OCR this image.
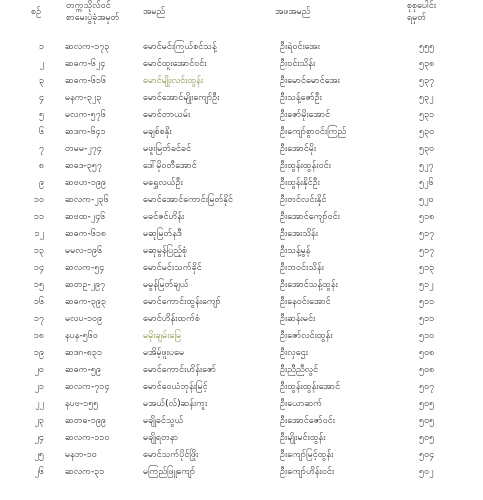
စဉ်
တက္ကသိုလ်ဝင်
စာမေးပွဲခုံအမှတ်
အမည်	အဖအမည်
စုစုပေါင်း
ရမှတ်
၁ ဆလက-၁၇၃	မောင်မင်းကြယ်စင်သန့်	ဦးရဲဝင်းအေး	၅၅၅
၂ ဆဓက-၆၂၄	မောင်ထူးအောင်ဝင်း	ဦးဝင်းသိန်း	၅၃၈
၃ ဆဓက-၆၁၆	မောင်မျိုးလင်းထွန်း	ဦးမောင်မောင်အေး	၅၃၇
၄ မနက-၃၂၃	မောင်အောင်မျိုးကျော်ဦး	ဦးသန့်ဇော်ဦး	၅၃၂
၅ မလက-၅၇၆	မောင်တာယမ်း	ဦးဇော်မိုးအောင်	၅၃၁
၆ ဆဒက-၆၄၁	မချစ်စနိုး	ဦးကျော်စွာဝင်းကြည်	၅၃၀
၇ တမမ-၂၇၄	မဖူးမြတ်ခင်ခင်	ဦးအောင်မိုး	၅၃၀
၈ ဆဓဒ-၃၅၇	ဒေါ်မိုဝတီအောင်	ဦးထွန်းထွန်းဝင်း	၅၂၇
၉ ဆဗဟ-၁၉၉	မရွှေလယ်ဦး	ဦးထွန်းနိုင်ဦး	၅၂၆
၁၀ ဆလက-၂၃၆	မောင်အောင်ကောင်းမြတ်နိုင်	ဦးတင်လင်းနိုင်	၅၂၀
၁၁ ဆဗထ-၂၄၆	မခင်ဇင်ဟိန်း	ဦးအောင်ကျော်ဝင်း	၅၁၈
၁၂ ဆဓက-၆၁၈	မဆုမြတ်နဒီ	ဦးအေးသိန်း	၅၁၇
၁၃ မမလ-၁၉၆	မဆုမွန်ပြည့်စုံ	ဦးသန့်မွန်	၅၁၇
၁၄ ဆလက-၅၄	မောင်မင်းသက်ခိုင်	ဦးဘဝင်းသိန်း	၅၁၃
၁၅ ဆတဥ-၂၉၇	မမွန်မြတ်ချယ်	ဦးအောင်သန့်ထွန်း	၅၁၂
၁၆ ဆဓက-၃၉၃	မောင်ကောင်းထွန်းကျော်	ဦးနေဝင်းအောင်	၅၁၁
၁၇ မလပ-၁၀၉	မောင်ဟိန်းထက်စံ	ဦးဆန်းမင်း	၅၁၁
၁၈ နပန-၅၆၀	မမိုးချမ်းမြေ	ဦးဇော်လင်းထွန်း	၅၁၀
၁၉ ဆဒဂ-၈၃၁	မအိမ့်ဖူးပမေ	ဦးလှဌေး	၅၀၈
၂၀ ဆဓက-၅၉	မောင်ကောင်းဟိန်းဇော်	ဦးညီညီလွင်	၅၀၈
၂၁ ဆလက-၇၁၄	မောင်ဝေယံဘုန်းမြင့်	ဦးထွန်းထွန်းအောင်	၅၀၇
၂၂ နပဗ-၁၅၅	မအယ်(လ်)ဆန်းကူး	ဦးယောဆက်	၅၀၅
၂၃ ဆတဓ-၁၉၉	မချိုခင်သွယ်	ဦးအောင်ဇော်ဝင်း	၅၀၅
၂၄ ဆလက-၁၁၀	မချိုရတနာ	ဦးမျိုးမင်းထွန်း	၅၀၅
၂၅ မနဘ-၁၀	မောင်သက်ပိုင်ဖြိုး	ဦးကျော်မြင့်ထွန်း	၅၀၄
၂၆ ဆလက-၃၁	မကြည်ဖြူကျော်	ဦးကျော်ဟိန်းဝင်း	၅၀၂
